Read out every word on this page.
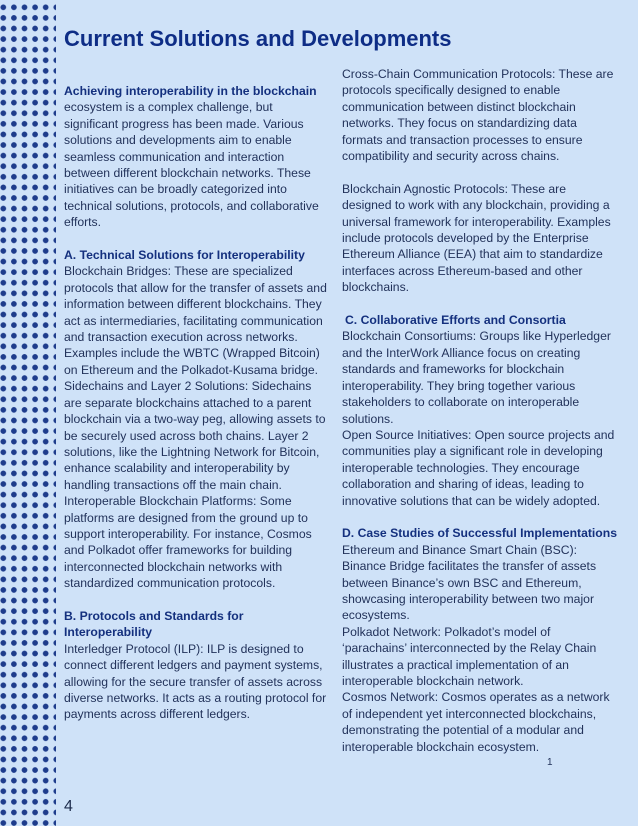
Current Solutions and Developments

Achieving interoperability in the blockchain ecosystem is a complex challenge, but significant progress has been made. Various solutions and developments aim to enable seamless communication and interaction between different blockchain networks. These initiatives can be broadly categorized into technical solutions, protocols, and collaborative efforts.

A. Technical Solutions for Interoperability

Blockchain Bridges: These are specialized protocols that allow for the transfer of assets and information between different blockchains. They act as intermediaries, facilitating communication and transaction execution across networks. Examples include the WBTC (Wrapped Bitcoin) on Ethereum and the Polkadot-Kusama bridge.

Sidechains and Layer 2 Solutions: Sidechains are separate blockchains attached to a parent blockchain via a two-way peg, allowing assets to be securely used across both chains. Layer 2 solutions, like the Lightning Network for Bitcoin, enhance scalability and interoperability by handling transactions off the main chain.

Interoperable Blockchain Platforms: Some platforms are designed from the ground up to support interoperability. For instance, Cosmos and Polkadot offer frameworks for building interconnected blockchain networks with standardized communication protocols.

B. Protocols and Standards for Interoperability

Interledger Protocol (ILP): ILP is designed to connect different ledgers and payment systems, allowing for the secure transfer of assets across diverse networks. It acts as a routing protocol for payments across different ledgers.

Cross-Chain Communication Protocols: These are protocols specifically designed to enable communication between distinct blockchain networks. They focus on standardizing data formats and transaction processes to ensure compatibility and security across chains.

Blockchain Agnostic Protocols: These are designed to work with any blockchain, providing a universal framework for interoperability. Examples include protocols developed by the Enterprise Ethereum Alliance (EEA) that aim to standardize interfaces across Ethereum-based and other blockchains.

C. Collaborative Efforts and Consortia

Blockchain Consortiums: Groups like Hyperledger and the InterWork Alliance focus on creating standards and frameworks for blockchain interoperability. They bring together various stakeholders to collaborate on interoperable solutions.

Open Source Initiatives: Open source projects and communities play a significant role in developing interoperable technologies. They encourage collaboration and sharing of ideas, leading to innovative solutions that can be widely adopted.

D. Case Studies of Successful Implementations

Ethereum and Binance Smart Chain (BSC): Binance Bridge facilitates the transfer of assets between Binance’s own BSC and Ethereum, showcasing interoperability between two major ecosystems.

Polkadot Network: Polkadot’s model of ‘parachains’ interconnected by the Relay Chain illustrates a practical implementation of an interoperable blockchain network.

Cosmos Network: Cosmos operates as a network of independent yet interconnected blockchains, demonstrating the potential of a modular and interoperable blockchain ecosystem.

1
4
